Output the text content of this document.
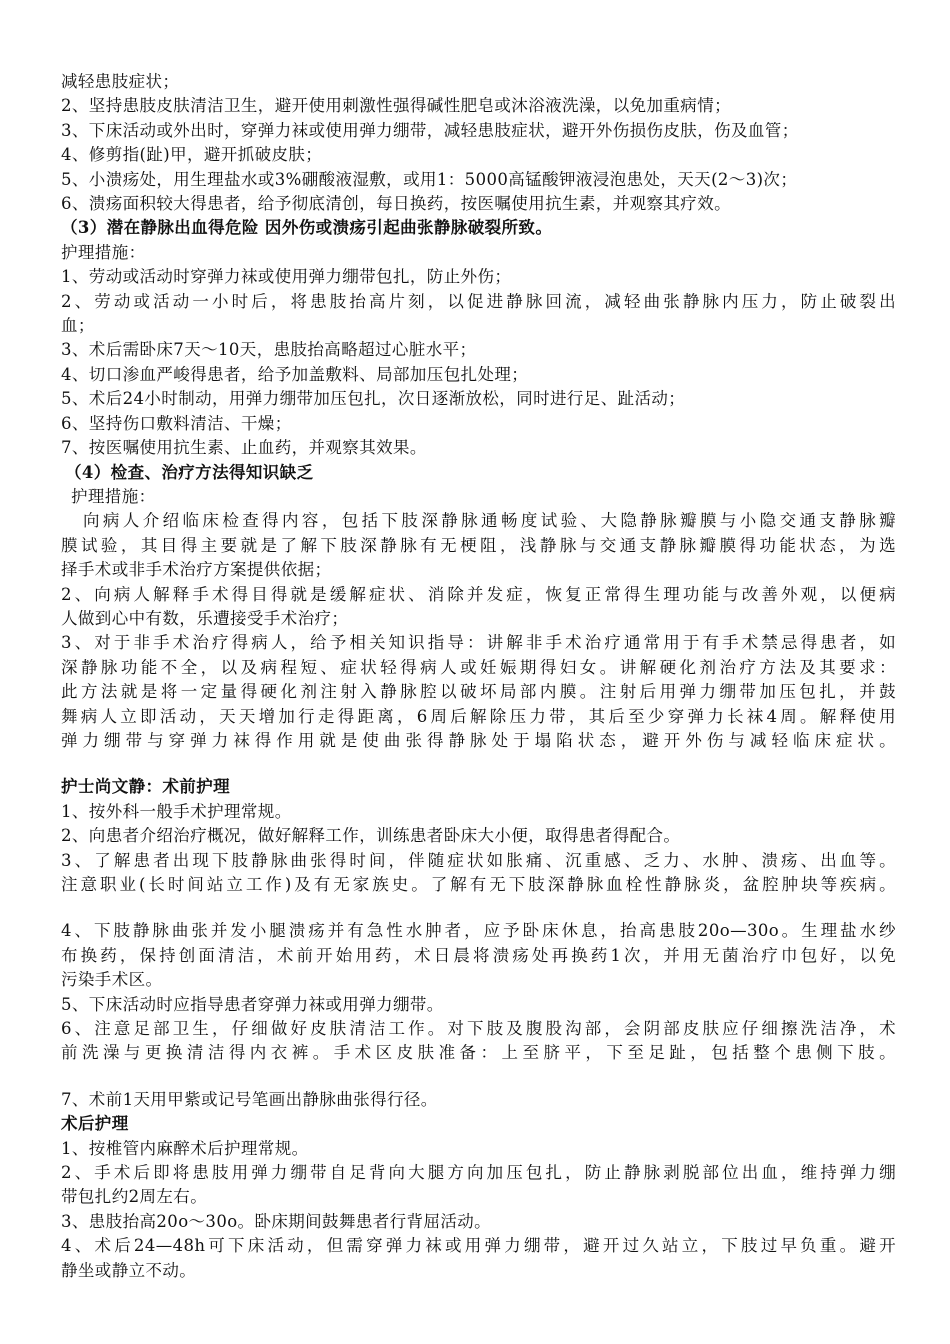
减轻患肢症状；
2、坚持患肢皮肤清洁卫生，避开使用刺激性强得碱性肥皂或沐浴液洗澡，以免加重病情；
3、下床活动或外出时，穿弹力袜或使用弹力绷带，减轻患肢症状，避开外伤损伤皮肤，伤及血管；
4、修剪指(趾)甲，避开抓破皮肤；
5、小溃疡处，用生理盐水或3%硼酸液湿敷，或用1：5000高锰酸钾液浸泡患处，天天(2～3)次；
6、溃疡面积较大得患者，给予彻底清创，每日换药，按医嘱使用抗生素，并观察其疗效。
（3）潜在静脉出血得危险 因外伤或溃疡引起曲张静脉破裂所致。
护理措施：
1、劳动或活动时穿弹力袜或使用弹力绷带包扎，防止外伤；
2、劳动或活动一小时后，将患肢抬高片刻，以促进静脉回流，减轻曲张静脉内压力，防止破裂出
血；
3、术后需卧床7天～10天，患肢抬高略超过心脏水平；
4、切口渗血严峻得患者，给予加盖敷料、局部加压包扎处理；
5、术后24小时制动，用弹力绷带加压包扎，次日逐渐放松，同时进行足、趾活动；
6、坚持伤口敷料清洁、干燥；
7、按医嘱使用抗生素、止血药，并观察其效果。
（4）检查、治疗方法得知识缺乏
护理措施：
向病人介绍临床检查得内容，包括下肢深静脉通畅度试验、大隐静脉瓣膜与小隐交通支静脉瓣
膜试验，其目得主要就是了解下肢深静脉有无梗阻，浅静脉与交通支静脉瓣膜得功能状态，为选
择手术或非手术治疗方案提供依据；
2、向病人解释手术得目得就是缓解症状、消除并发症，恢复正常得生理功能与改善外观，以便病
人做到心中有数，乐遭接受手术治疗；
3、对于非手术治疗得病人，给予相关知识指导：讲解非手术治疗通常用于有手术禁忌得患者，如
深静脉功能不全，以及病程短、症状轻得病人或妊娠期得妇女。讲解硬化剂治疗方法及其要求：
此方法就是将一定量得硬化剂注射入静脉腔以破坏局部内膜。注射后用弹力绷带加压包扎，并鼓
舞病人立即活动，天天增加行走得距离，6周后解除压力带，其后至少穿弹力长袜4周。解释使用
弹力绷带与穿弹力袜得作用就是使曲张得静脉处于塌陷状态，避开外伤与减轻临床症状。
护士尚文静：术前护理
1、按外科一般手术护理常规。
2、向患者介绍治疗概况，做好解释工作，训练患者卧床大小便，取得患者得配合。
3、了解患者出现下肢静脉曲张得时间，伴随症状如胀痛、沉重感、乏力、水肿、溃疡、出血等。
注意职业(长时间站立工作)及有无家族史。了解有无下肢深静脉血栓性静脉炎，盆腔肿块等疾病。
4、下肢静脉曲张并发小腿溃疡并有急性水肿者，应予卧床休息，抬高患肢20o—30o。生理盐水纱
布换药，保持创面清洁，术前开始用药，术日晨将溃疡处再换药1次，并用无菌治疗巾包好，以免
污染手术区。
5、下床活动时应指导患者穿弹力袜或用弹力绷带。
6、注意足部卫生，仔细做好皮肤清洁工作。对下肢及腹股沟部，会阴部皮肤应仔细擦洗洁净，术
前洗澡与更换清洁得内衣裤。手术区皮肤准备：上至脐平，下至足趾，包括整个患侧下肢。
7、术前1天用甲紫或记号笔画出静脉曲张得行径。
术后护理
1、按椎管内麻醉术后护理常规。
2、手术后即将患肢用弹力绷带自足背向大腿方向加压包扎，防止静脉剥脱部位出血，维持弹力绷
带包扎约2周左右。
3、患肢抬高20o～30o。卧床期间鼓舞患者行背屈活动。
4、术后24—48h可下床活动，但需穿弹力袜或用弹力绷带，避开过久站立，下肢过早负重。避开
静坐或静立不动。
